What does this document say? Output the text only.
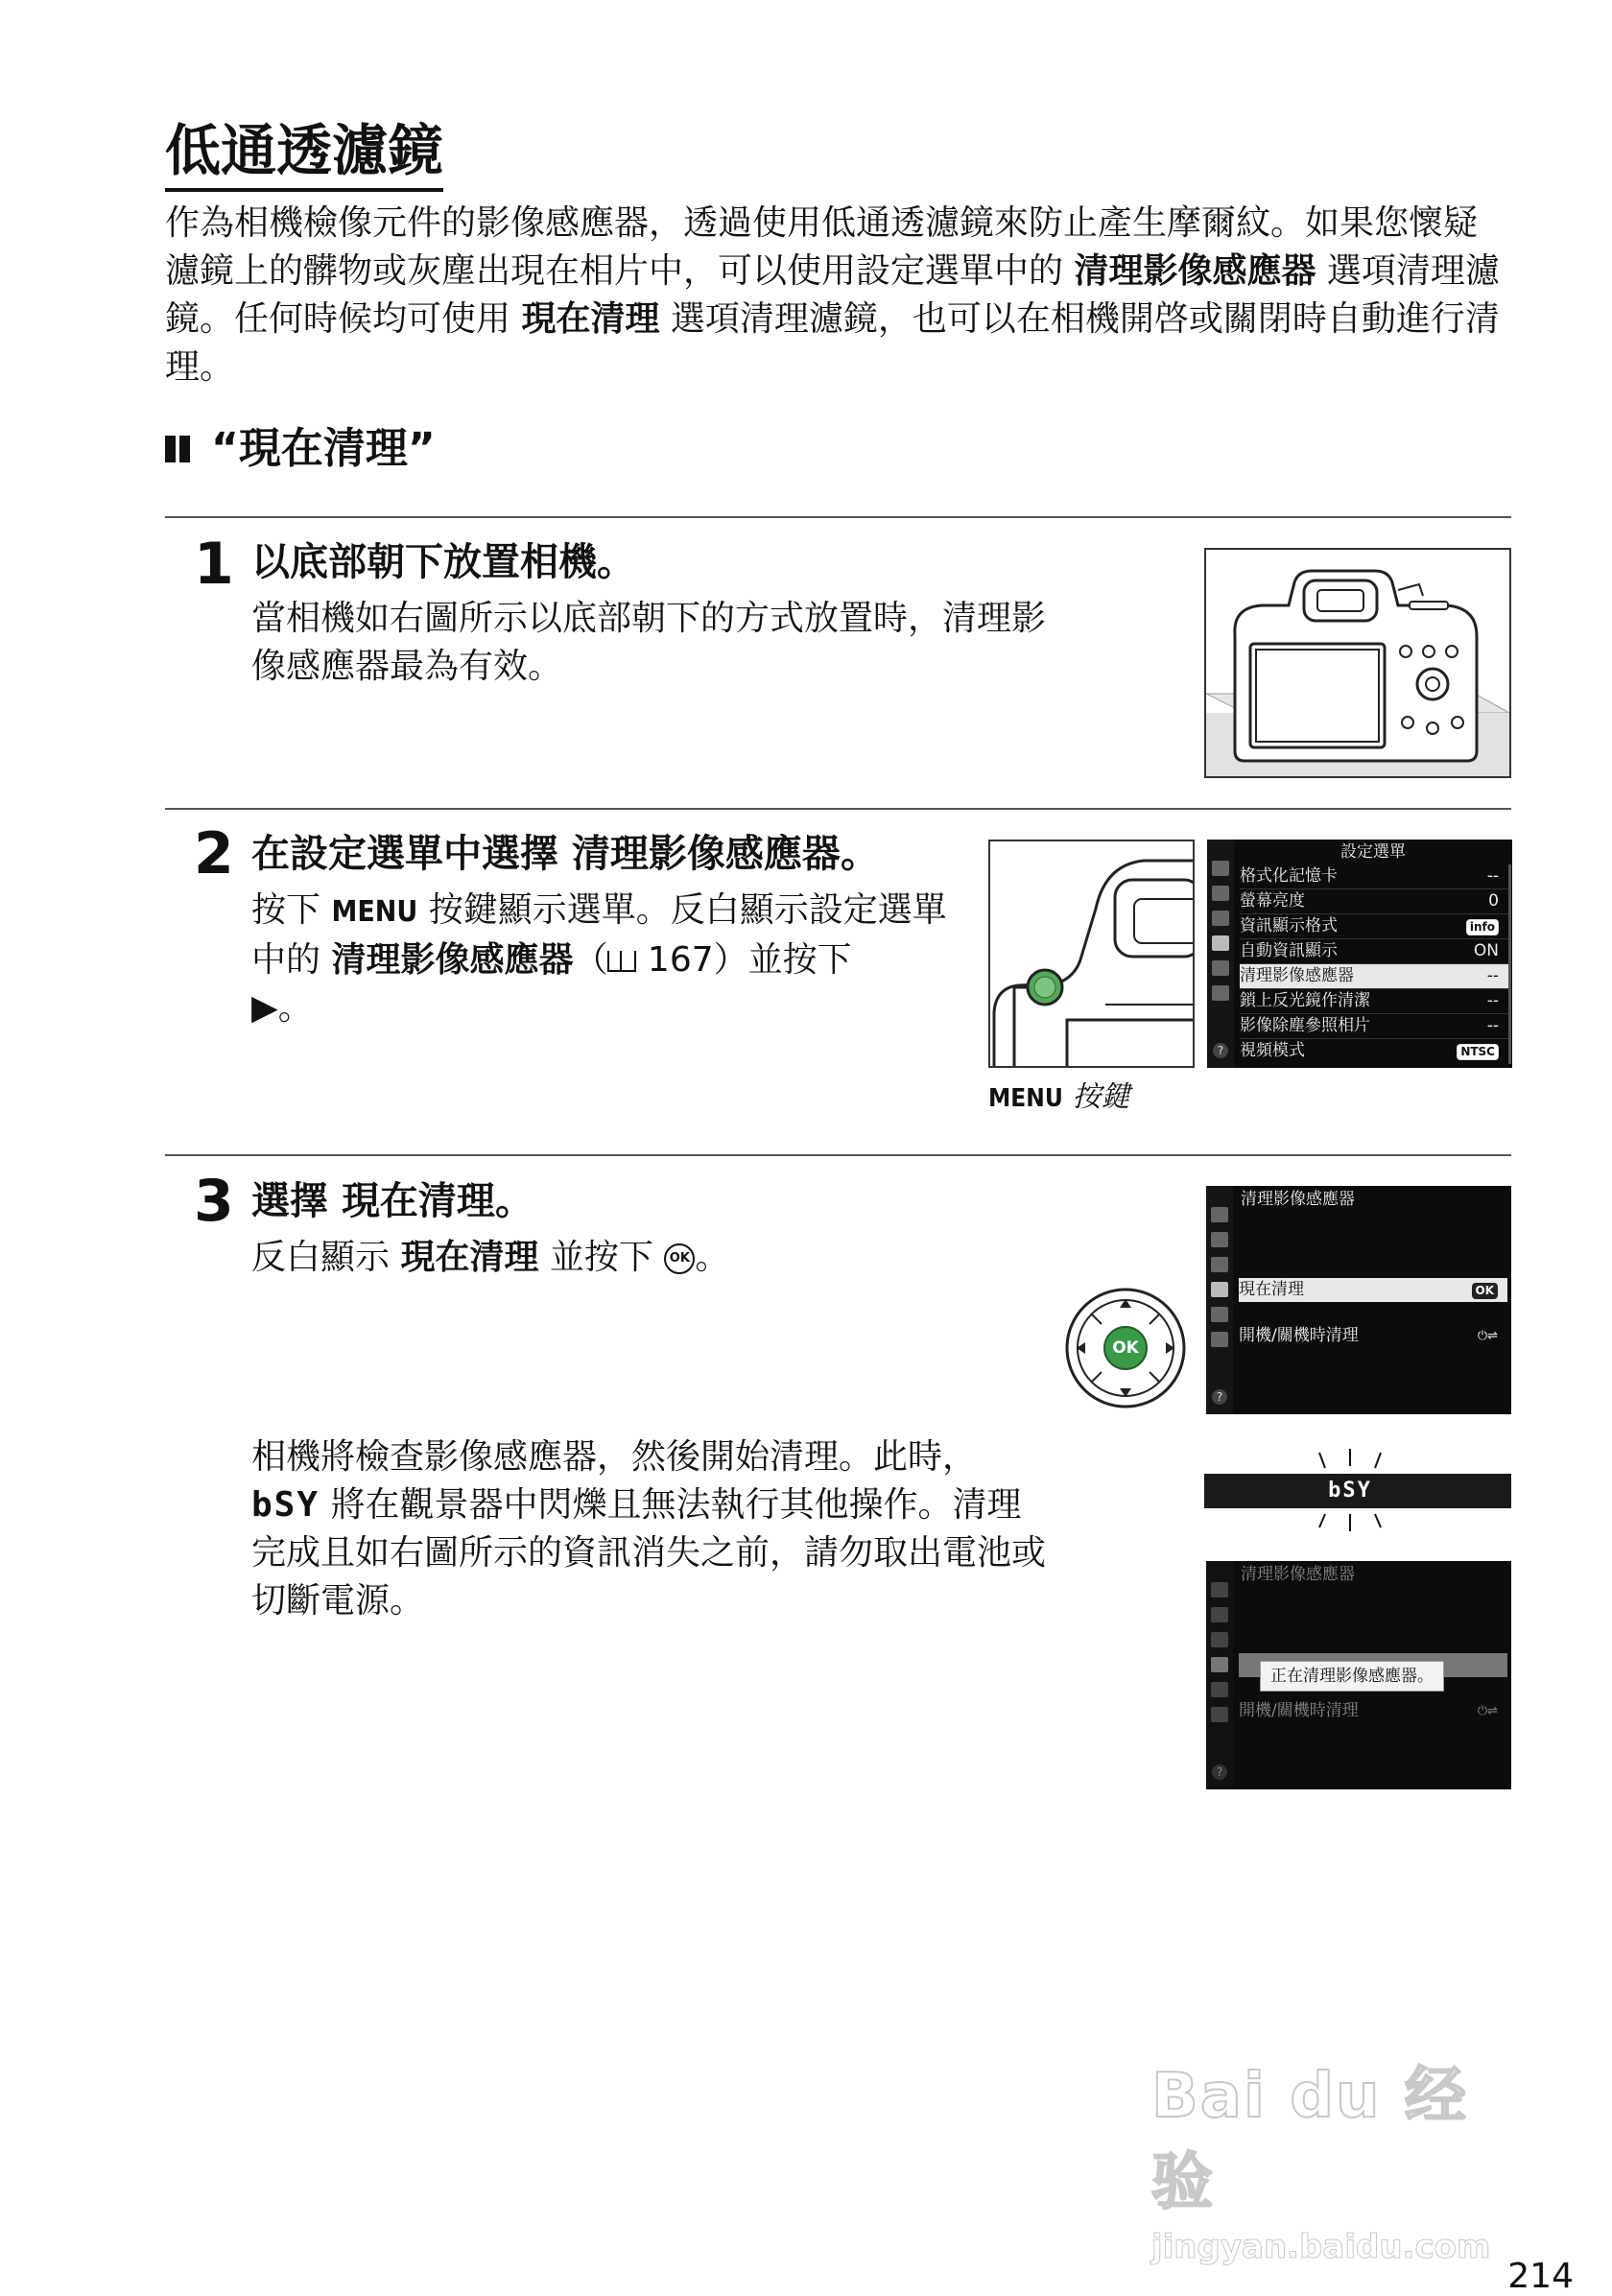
低通透濾鏡
作為相機檢像元件的影像感應器，透過使用低通透濾鏡來防止產生摩爾紋。如果您懷疑濾鏡上的髒物或灰塵出現在相片中，可以使用設定選單中的 清理影像感應器 選項清理濾鏡。任何時候均可使用 現在清理 選項清理濾鏡，也可以在相機開啓或關閉時自動進行清理。
“現在清理”
1 以底部朝下放置相機。
當相機如右圖所示以底部朝下的方式放置時，清理影像感應器最為有效。
2 在設定選單中選擇 清理影像感應器。
按下 MENU 按鍵顯示選單。反白顯示設定選單中的 清理影像感應器（
167）並按下
▶。
MENU 按鍵
?
設定選單
格式化記憶卡	--
螢幕亮度	0
資訊顯示格式	info
自動資訊顯示	ON
清理影像感應器	--
鎖上反光鏡作清潔	--
影像除塵參照相片	--
視頻模式	NTSC
3 選擇 現在清理。
反白顯示 現在清理 並按下 OK 。
相機將檢查影像感應器，然後開始清理。此時，
bSY 將在觀景器中閃爍且無法執行其他操作。清理完成且如右圖所示的資訊消失之前，請勿取出電池或切斷電源。
OK
?
清理影像感應器
現在清理	OK
開機/關機時清理	⏻⇌
bSY
?
清理影像感應器
正在清理影像感應器。
開機/關機時清理	⏻⇌
Bai du 经验
jingyan.baidu.com
214
